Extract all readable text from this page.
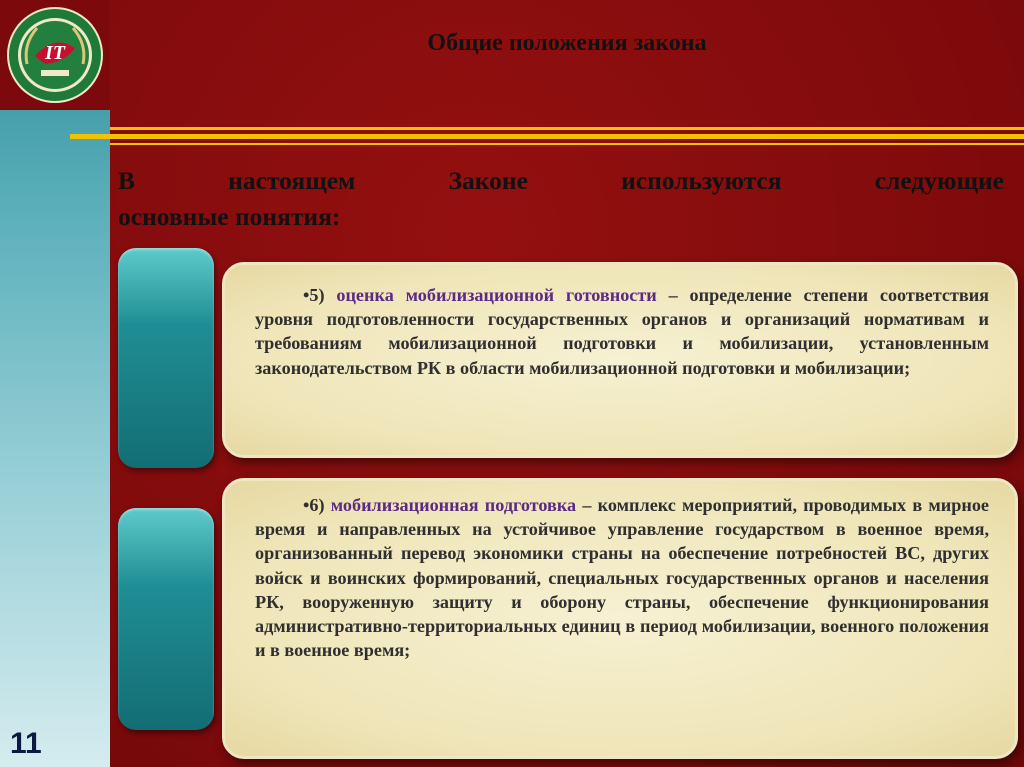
IT	Общие положения закона
В настоящем Законе используются следующие
основные понятия:
•5) оценка мобилизационной готовности – определение степени соответствия уровня подготовленности государственных органов и организаций нормативам и требованиям мобилизационной подготовки и мобилизации, установленным законодательством РК в области мобилизационной подготовки и мобилизации;
•6) мобилизационная подготовка – комплекс мероприятий, проводимых в мирное время и направленных на устойчивое управление государством в военное время, организованный перевод экономики страны на обеспечение потребностей ВС, других войск и воинских формирований, специальных государственных органов и населения РК, вооруженную защиту и оборону страны, обеспечение функционирования административно-территориальных единиц в период мобилизации, военного положения и в военное время;
11
